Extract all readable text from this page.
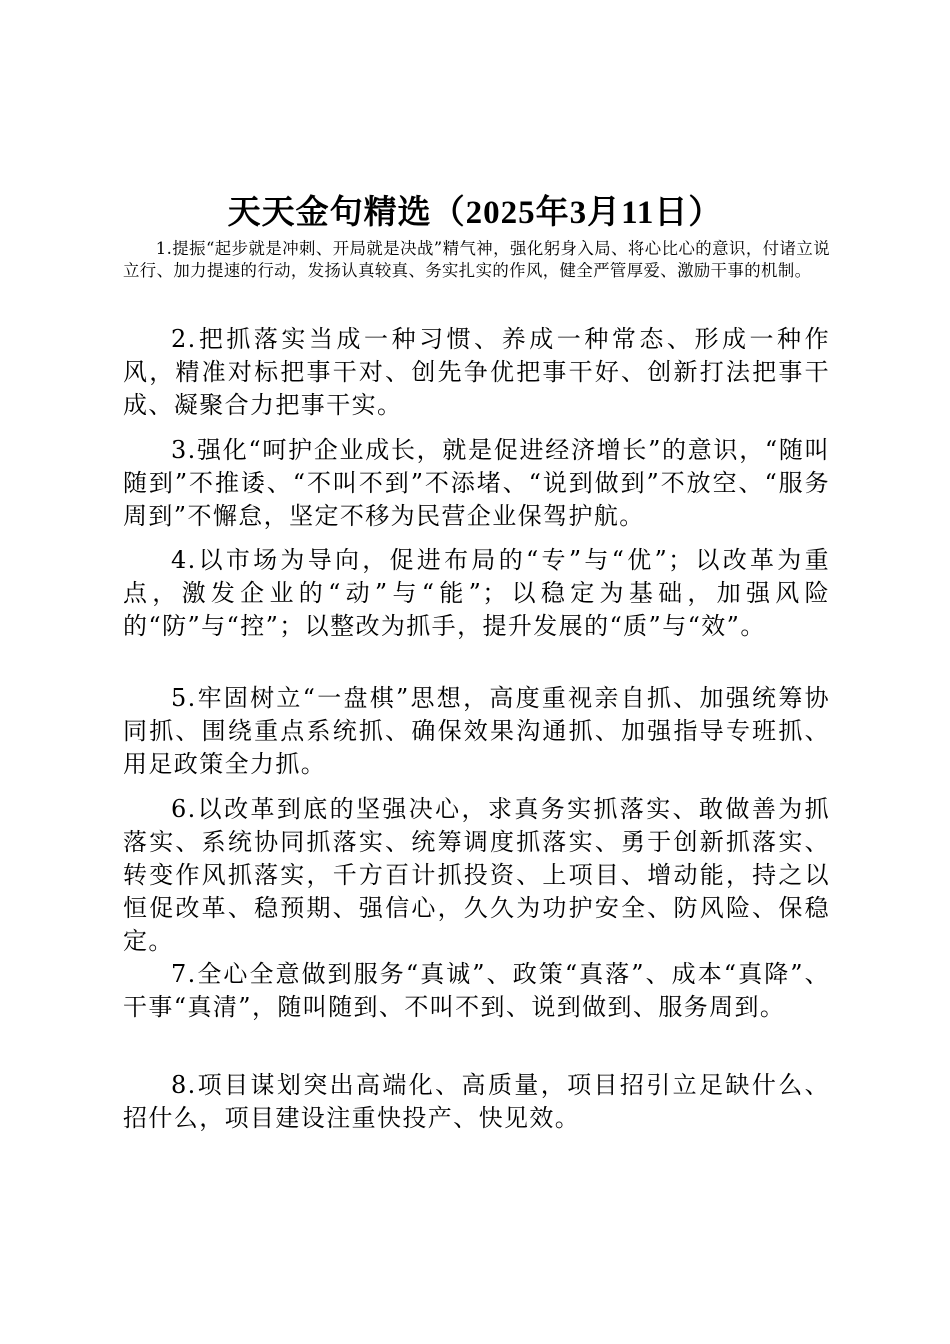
天天金句精选（2025年3月11日）

1.提振“起步就是冲刺、开局就是决战”精气神，强化躬身入局、将心比心的意识，付诸立说立行、加力提速的行动，发扬认真较真、务实扎实的作风，健全严管厚爱、激励干事的机制。

2.把抓落实当成一种习惯、养成一种常态、形成一种作风，精准对标把事干对、创先争优把事干好、创新打法把事干成、凝聚合力把事干实。

3.强化“呵护企业成长，就是促进经济增长”的意识，“随叫随到”不推诿、“不叫不到”不添堵、“说到做到”不放空、“服务周到”不懈怠，坚定不移为民营企业保驾护航。

4.以市场为导向，促进布局的“专”与“优”；以改革为重点，激发企业的“动”与“能”；以稳定为基础，加强风险的“防”与“控”；以整改为抓手，提升发展的“质”与“效”。

5.牢固树立“一盘棋”思想，高度重视亲自抓、加强统筹协同抓、围绕重点系统抓、确保效果沟通抓、加强指导专班抓、用足政策全力抓。

6.以改革到底的坚强决心，求真务实抓落实、敢做善为抓落实、系统协同抓落实、统筹调度抓落实、勇于创新抓落实、转变作风抓落实，千方百计抓投资、上项目、增动能，持之以恒促改革、稳预期、强信心，久久为功护安全、防风险、保稳定。

7.全心全意做到服务“真诚”、政策“真落”、成本“真降”、干事“真清”，随叫随到、不叫不到、说到做到、服务周到。

8.项目谋划突出高端化、高质量，项目招引立足缺什么、招什么，项目建设注重快投产、快见效。
